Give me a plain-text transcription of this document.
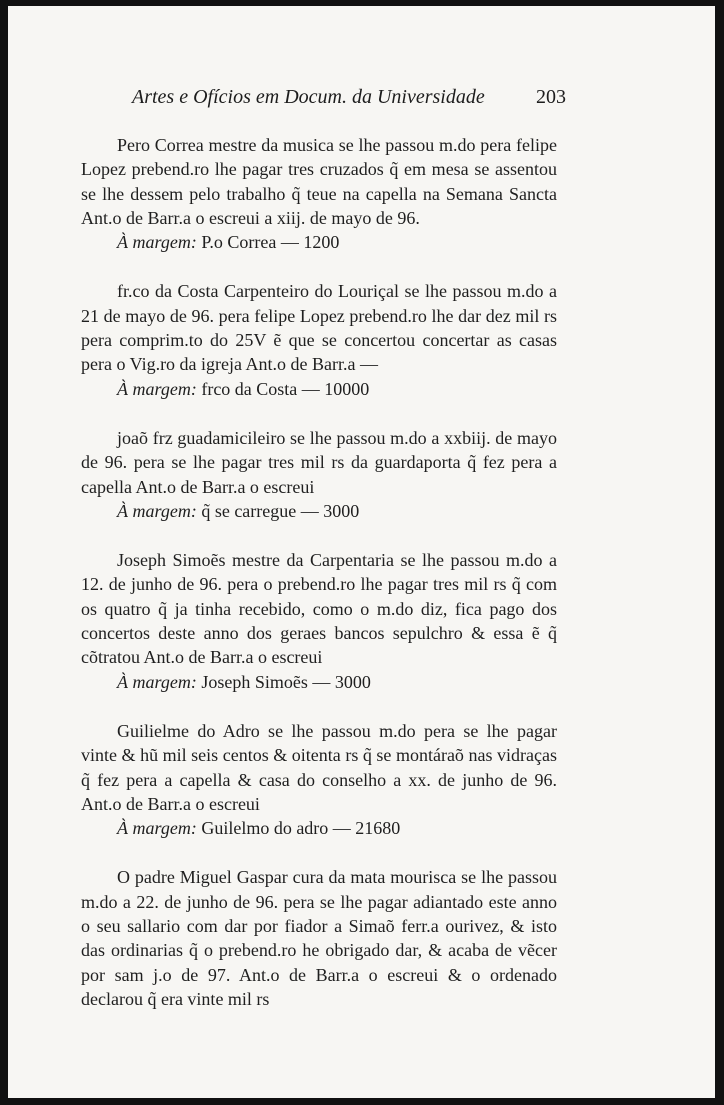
Artes e Ofícios em Docum. da Universidade	203

Pero Correa mestre da musica se lhe passou m.do pera felipe Lopez prebend.ro lhe pagar tres cruzados q̃ em mesa se assentou se lhe dessem pelo trabalho q̃ teue na capella na Semana Sancta Ant.o de Barr.a o escreui a xiij. de mayo de 96.

À margem: P.o Correa — 1200

fr.co da Costa Carpenteiro do Louriçal se lhe passou m.do a 21 de mayo de 96. pera felipe Lopez prebend.ro lhe dar dez mil rs pera comprim.to do 25V ẽ que se concertou concertar as casas pera o Vig.ro da igreja Ant.o de Barr.a —

À margem: frco da Costa — 10000

joaõ frz guadamicileiro se lhe passou m.do a xxbiij. de mayo de 96. pera se lhe pagar tres mil rs da guardaporta q̃ fez pera a capella Ant.o de Barr.a o escreui

À margem: q̃ se carregue — 3000

Joseph Simoẽs mestre da Carpentaria se lhe passou m.do a 12. de junho de 96. pera o prebend.ro lhe pagar tres mil rs q̃ com os quatro q̃ ja tinha recebido, como o m.do diz, fica pago dos concertos deste anno dos geraes bancos sepulchro & essa ẽ q̃ cõtratou Ant.o de Barr.a o escreui

À margem: Joseph Simoẽs — 3000

Guilielme do Adro se lhe passou m.do pera se lhe pagar vinte & hũ mil seis centos & oitenta rs q̃ se montáraõ nas vidraças q̃ fez pera a capella & casa do conselho a xx. de junho de 96. Ant.o de Barr.a o escreui

À margem: Guilelmo do adro — 21680

O padre Miguel Gaspar cura da mata mourisca se lhe passou m.do a 22. de junho de 96. pera se lhe pagar adiantado este anno o seu sallario com dar por fiador a Simaõ ferr.a ourivez, & isto das ordinarias q̃ o prebend.ro he obrigado dar, & acaba de vẽcer por sam j.o de 97. Ant.o de Barr.a o escreui & o ordenado declarou q̃ era vinte mil rs
